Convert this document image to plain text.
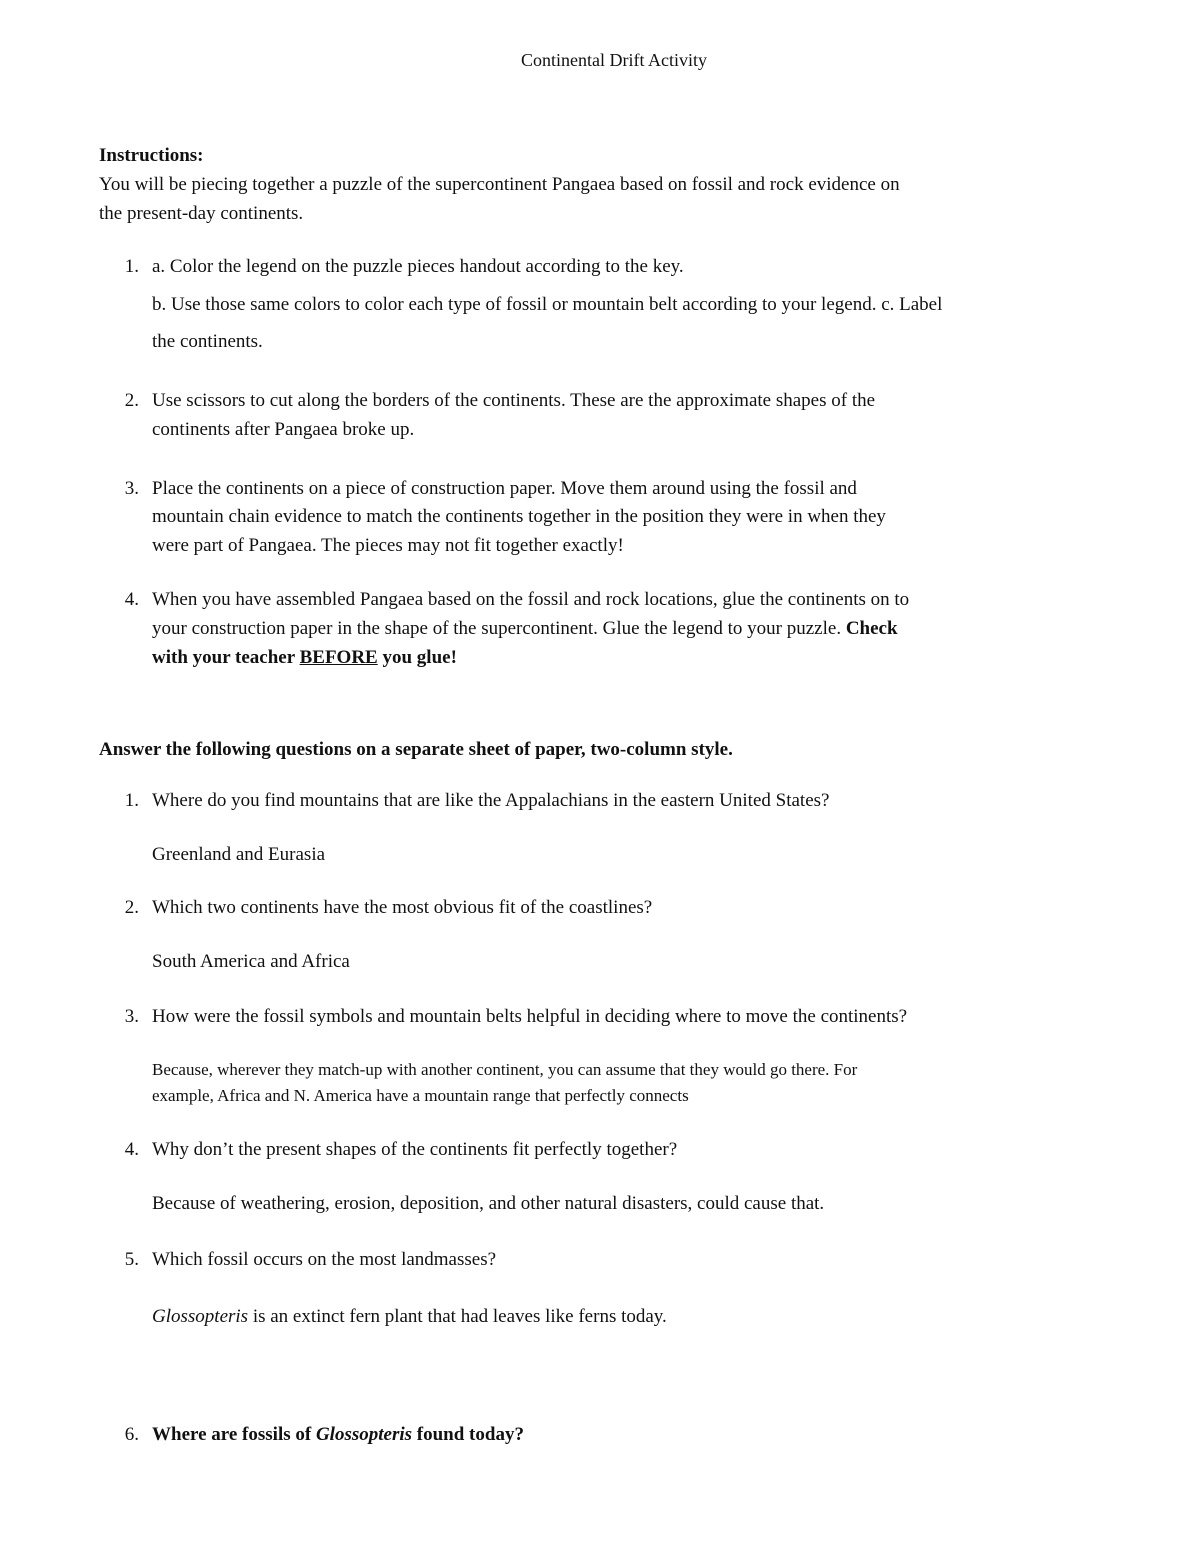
Continental Drift Activity
Instructions:
You will be piecing together a puzzle of the supercontinent Pangaea based on fossil and rock evidence on
the present-day continents.
1. a. Color the legend on the puzzle pieces handout according to the key.
b. Use those same colors to color each type of fossil or mountain belt according to your legend. c. Label
the continents.
2. Use scissors to cut along the borders of the continents. These are the approximate shapes of the
continents after Pangaea broke up.
3. Place the continents on a piece of construction paper. Move them around using the fossil and
mountain chain evidence to match the continents together in the position they were in when they
were part of Pangaea. The pieces may not fit together exactly!
4. When you have assembled Pangaea based on the fossil and rock locations, glue the continents on to
your construction paper in the shape of the supercontinent. Glue the legend to your puzzle. Check
with your teacher BEFORE you glue!
Answer the following questions on a separate sheet of paper, two-column style.
1. Where do you find mountains that are like the Appalachians in the eastern United States?
Greenland and Eurasia
2. Which two continents have the most obvious fit of the coastlines?
South America and Africa
3. How were the fossil symbols and mountain belts helpful in deciding where to move the continents?
Because, wherever they match-up with another continent, you can assume that they would go there. For
example, Africa and N. America have a mountain range that perfectly connects
4. Why don’t the present shapes of the continents fit perfectly together?
Because of weathering, erosion, deposition, and other natural disasters, could cause that.
5. Which fossil occurs on the most landmasses?
Glossopteris is an extinct fern plant that had leaves like ferns today.
6. Where are fossils of Glossopteris found today?
